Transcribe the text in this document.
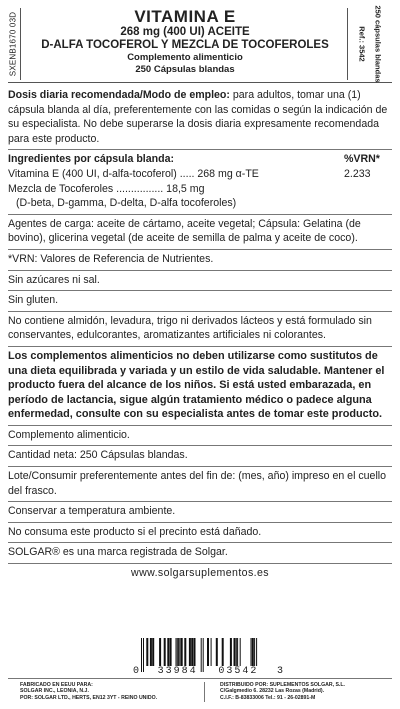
SXENB1670 03D	VITAMINA E
268 mg (400 UI) ACEITE
D-ALFA TOCOFEROL Y MEZCLA DE TOCOFEROLES
Complemento alimenticio
250 Cápsulas blandas
Ref.: 3542 250 cápsulas blandas

Dosis diaria recomendada/Modo de empleo: para adultos, tomar una (1) cápsula blanda al día, preferentemente con las comidas o según la indicación de su especialista. No debe superarse la dosis diaria expresamente recomendada para este producto.

Ingredientes por cápsula blanda:	%VRN*
Vitamina E (400 UI, d-alfa-tocoferol) ..... 268 mg α-TE	2.233
Mezcla de Tocoferoles ................ 18,5 mg

(D-beta, D-gamma, D-delta, D-alfa tocoferoles)

Agentes de carga: aceite de cártamo, aceite vegetal; Cápsula: Gelatina (de bovino), glicerina vegetal (de aceite de semilla de palma y aceite de coco).

*VRN: Valores de Referencia de Nutrientes.

Sin azúcares ni sal.

Sin gluten.

No contiene almidón, levadura, trigo ni derivados lácteos y está formulado sin conservantes, edulcorantes, aromatizantes artificiales ni colorantes.

Los complementos alimenticios no deben utilizarse como sustitutos de una dieta equilibrada y variada y un estilo de vida saludable. Mantener el producto fuera del alcance de los niños. Si está usted embarazada, en período de lactancia, sigue algún tratamiento médico o padece alguna enfermedad, consulte con su especialista antes de tomar este producto.

Complemento alimenticio.

Cantidad neta: 250 Cápsulas blandas.

Lote/Consumir preferentemente antes del fin de: (mes, año) impreso en el cuello del frasco.

Conservar a temperatura ambiente.

No consuma este producto si el precinto está dañado.

SOLGAR® es una marca registrada de Solgar.

www.solgarsuplementos.es

0 33984 03542 3
FABRICADO EN EEUU PARA:
SOLGAR INC., LEONIA, N.J.
POR: SOLGAR LTD., HERTS, EN12 3YT - REINO UNIDO.
DISTRIBUIDO POR: SUPLEMENTOS SOLGAR, S.L.
C/Galgmedio 6. 28232 Las Rozas (Madrid).
C.I.F.: B-83833006 Tel.: 91 - 26-02891-M
